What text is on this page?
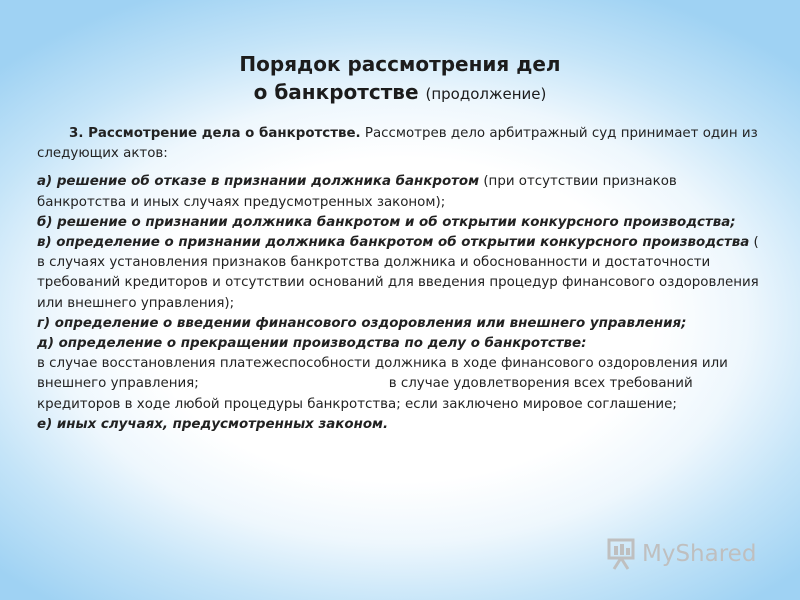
Порядок рассмотрения дел
о банкротстве (продолжение)

3. Рассмотрение дела о банкротстве. Рассмотрев дело арбитражный суд принимает один из следующих актов:

а) решение об отказе в признании должника банкротом (при отсутствии признаков банкротства и иных случаях предусмотренных законом);

б) решение о признании должника банкротом и об открытии конкурсного производства;

в) определение о признании должника банкротом об открытии конкурсного производства ( в случаях установления признаков банкротства должника и обоснованности и достаточности требований кредиторов и отсутствии оснований для введения процедур финансового оздоровления или внешнего управления);

г) определение о введении финансового оздоровления или внешнего управления;

д) определение о прекращении производства по делу о банкротстве:
в случае восстановления платежеспособности должника в ходе финансового оздоровления или внешнего управления;	в случае удовлетворения всех требований кредиторов в ходе любой процедуры банкротства; если заключено мировое соглашение;

е) иных случаях, предусмотренных законом.

MyShared
